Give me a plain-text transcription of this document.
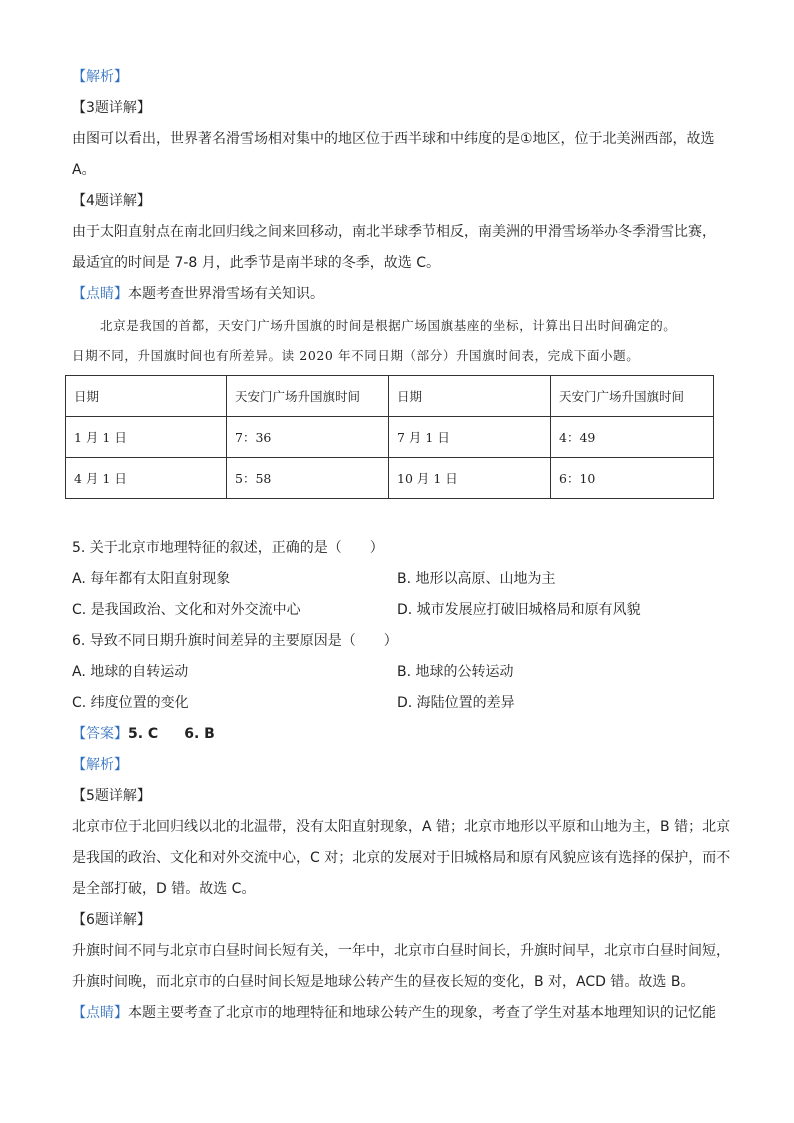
【解析】
【3题详解】
由图可以看出，世界著名滑雪场相对集中的地区位于西半球和中纬度的是①地区，位于北美洲西部，故选
A。
【4题详解】
由于太阳直射点在南北回归线之间来回移动，南北半球季节相反，南美洲的甲滑雪场举办冬季滑雪比赛，
最适宜的时间是 7-8 月，此季节是南半球的冬季，故选 C。
【点睛】本题考查世界滑雪场有关知识。
北京是我国的首都，天安门广场升国旗的时间是根据广场国旗基座的坐标，计算出日出时间确定的。
日期不同，升国旗时间也有所差异。读 2020 年不同日期（部分）升国旗时间表，完成下面小题。
日期	天安门广场升国旗时间	日期	天安门广场升国旗时间
1 月 1 日	7：36	7 月 1 日	4：49
4 月 1 日	5：58	10 月 1 日	6：10
5. 关于北京市地理特征的叙述，正确的是（　　）
A. 每年都有太阳直射现象	B. 地形以高原、山地为主
C. 是我国政治、文化和对外交流中心	D. 城市发展应打破旧城格局和原有风貌
6. 导致不同日期升旗时间差异的主要原因是（　　）
A. 地球的自转运动	B. 地球的公转运动
C. 纬度位置的变化	D. 海陆位置的差异
【答案】5. C 6. B
【解析】
【5题详解】
北京市位于北回归线以北的北温带，没有太阳直射现象，A 错；北京市地形以平原和山地为主，B 错；北京
是我国的政治、文化和对外交流中心，C 对；北京的发展对于旧城格局和原有风貌应该有选择的保护，而不
是全部打破，D 错。故选 C。
【6题详解】
升旗时间不同与北京市白昼时间长短有关，一年中，北京市白昼时间长，升旗时间早，北京市白昼时间短，
升旗时间晚，而北京市的白昼时间长短是地球公转产生的昼夜长短的变化，B 对，ACD 错。故选 B。
【点睛】本题主要考查了北京市的地理特征和地球公转产生的现象，考查了学生对基本地理知识的记忆能
